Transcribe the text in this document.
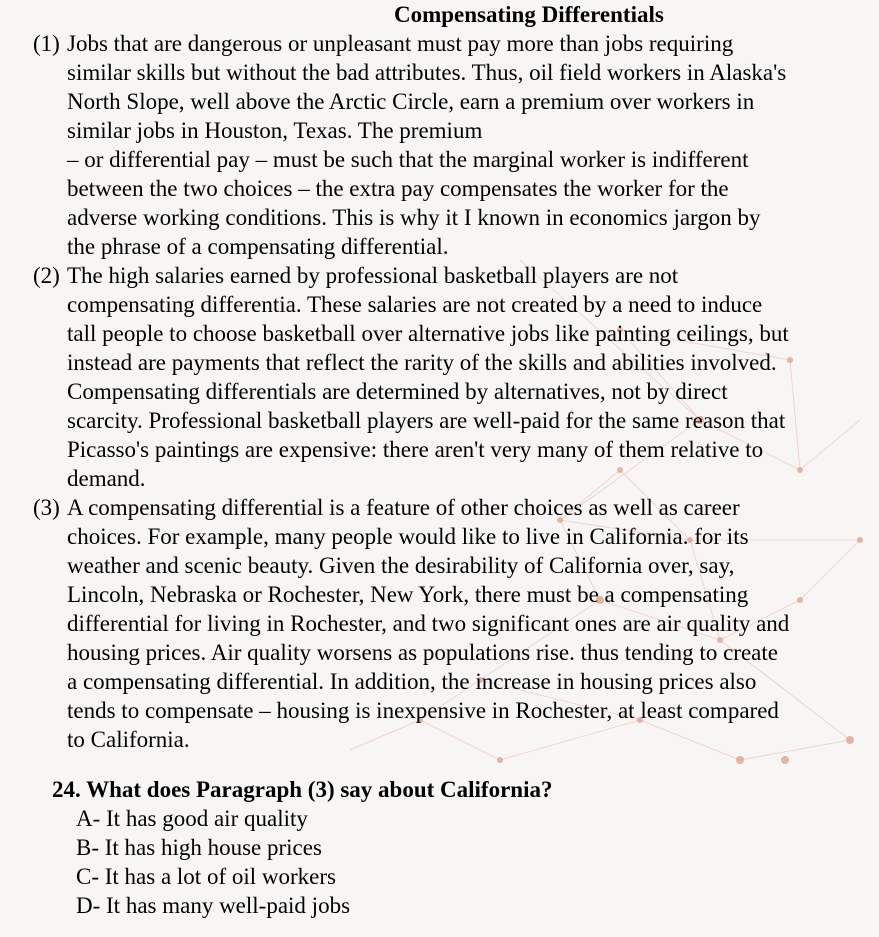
Compensating Differentials
(1) Jobs that are dangerous or unpleasant must pay more than jobs requiring
similar skills but without the bad attributes. Thus, oil field workers in Alaska's
North Slope, well above the Arctic Circle, earn a premium over workers in
similar jobs in Houston, Texas. The premium
– or differential pay – must be such that the marginal worker is indifferent
between the two choices – the extra pay compensates the worker for the
adverse working conditions. This is why it I known in economics jargon by
the phrase of a compensating differential.
(2) The high salaries earned by professional basketball players are not
compensating differentia. These salaries are not created by a need to induce
tall people to choose basketball over alternative jobs like painting ceilings, but
instead are payments that reflect the rarity of the skills and abilities involved.
Compensating differentials are determined by alternatives, not by direct
scarcity. Professional basketball players are well-paid for the same reason that
Picasso's paintings are expensive: there aren't very many of them relative to
demand.
(3) A compensating differential is a feature of other choices as well as career
choices. For example, many people would like to live in California. for its
weather and scenic beauty. Given the desirability of California over, say,
Lincoln, Nebraska or Rochester, New York, there must be a compensating
differential for living in Rochester, and two significant ones are air quality and
housing prices. Air quality worsens as populations rise. thus tending to create
a compensating differential. In addition, the increase in housing prices also
tends to compensate – housing is inexpensive in Rochester, at least compared
to California.
24. What does Paragraph (3) say about California?
A- It has good air quality
B- It has high house prices
C- It has a lot of oil workers
D- It has many well-paid jobs
